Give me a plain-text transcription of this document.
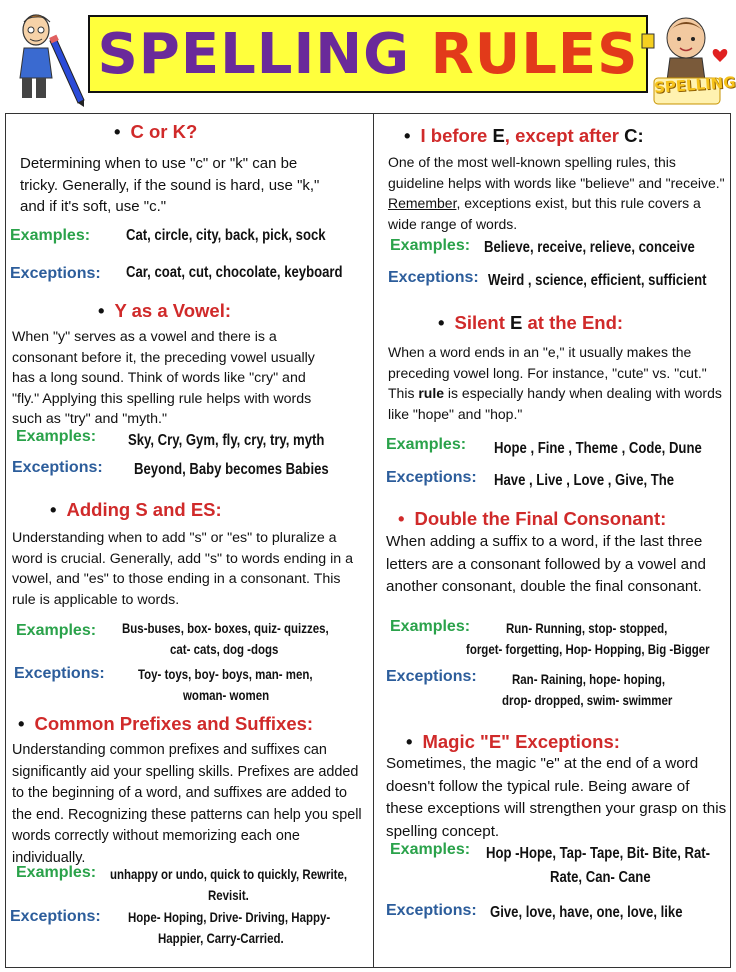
SPELLING RULES SPELLING
• C or K?
Determining when to use "c" or "k" can be tricky. Generally, if the sound is hard, use "k," and if it's soft, use "c."
Examples: Cat, circle, city, back, pick, sock
Exceptions: Car, coat, cut, chocolate, keyboard
• Y as a Vowel:
When "y" serves as a vowel and there is a consonant before it, the preceding vowel usually has a long sound. Think of words like "cry" and "fly." Applying this spelling rule helps with words such as "try" and "myth."
Examples: Sky, Cry, Gym, fly, cry, try, myth
Exceptions: Beyond, Baby becomes Babies
• Adding S and ES:
Understanding when to add "s" or "es" to pluralize a word is crucial. Generally, add "s" to words ending in a vowel, and "es" to those ending in a consonant. This rule is applicable to words.
Examples: Bus-buses, box- boxes, quiz- quizzes,
cat- cats, dog -dogs
Exceptions: Toy- toys, boy- boys, man- men,
woman- women
• Common Prefixes and Suffixes:
Understanding common prefixes and suffixes can significantly aid your spelling skills. Prefixes are added to the beginning of a word, and suffixes are added to the end. Recognizing these patterns can help you spell words correctly without memorizing each one individually.
Examples: unhappy or undo, quick to quickly, Rewrite,
Revisit.
Exceptions: Hope- Hoping, Drive- Driving, Happy-
Happier, Carry-Carried.
• I before E, except after C:
One of the most well-known spelling rules, this guideline helps with words like "believe" and "receive." Remember, exceptions exist, but this rule covers a wide range of words.
Examples: Believe, receive, relieve, conceive
Exceptions: Weird , science, efficient, sufficient
• Silent E at the End:
When a word ends in an "e," it usually makes the preceding vowel long. For instance, "cute" vs. "cut." This rule is especially handy when dealing with words like "hope" and "hop."
Examples: Hope , Fine , Theme , Code, Dune
Exceptions: Have , Live , Love , Give, The
• Double the Final Consonant:
When adding a suffix to a word, if the last three letters are a consonant followed by a vowel and another consonant, double the final consonant.
Examples:	Run- Running, stop- stopped,
forget- forgetting, Hop- Hopping, Big -Bigger
Exceptions:	Ran- Raining, hope- hoping,
drop- dropped, swim- swimmer
• Magic "E" Exceptions:
Sometimes, the magic "e" at the end of a word doesn't follow the typical rule. Being aware of these exceptions will strengthen your grasp on this spelling concept.
Examples: Hop -Hope, Tap- Tape, Bit- Bite, Rat-
Rate, Can- Cane
Exceptions: Give, love, have, one, love, like
